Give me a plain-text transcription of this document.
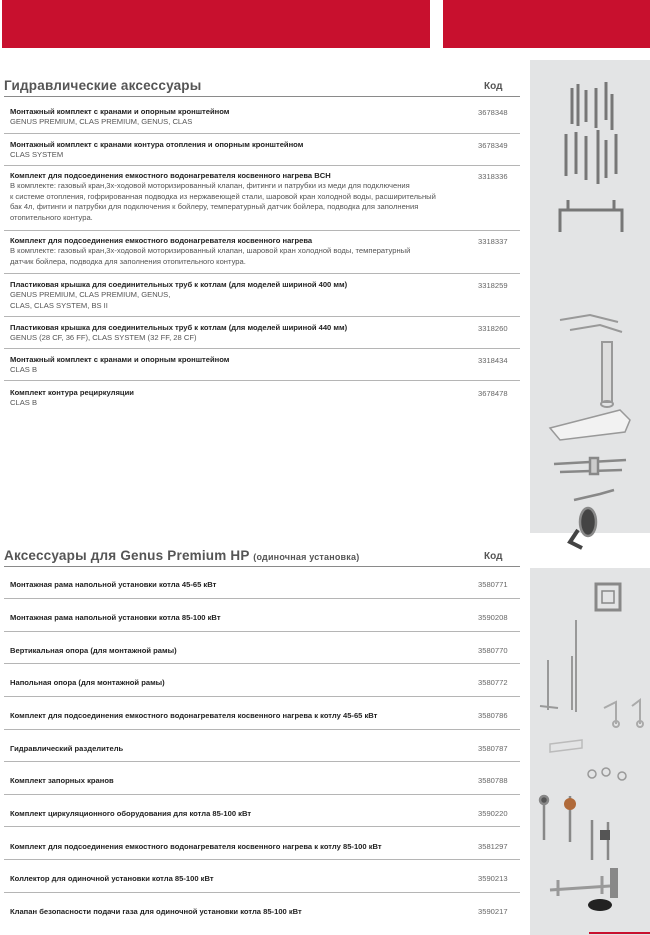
Гидравлические аксессуары	Код
Монтажный комплект с кранами и опорным кронштейном
GENUS PREMIUM, CLAS PREMIUM, GENUS, CLAS
3678348
Монтажный комплект с кранами контура отопления и опорным кронштейном
CLAS SYSTEM
3678349
Комплект для подсоединения емкостного водонагревателя косвенного нагрева BCH
В комплекте: газовый кран,3х-ходовой моторизированный клапан, фитинги и патрубки из меди для подключения
к системе отопления, гофрированная подводка из нержавеющей стали, шаровой кран холодной воды, расширительный
бак 4л, фитинги и патрубки для подключения к бойлеру, температурный датчик бойлера, подводка для заполнения
отопительного контура.
3318336
Комплект для подсоединения емкостного водонагревателя косвенного нагрева
В комплекте: газовый кран,3х-ходовой моторизированный клапан, шаровой кран холодной воды, температурный
датчик бойлера, подводка для заполнения отопительного контура.
3318337
Пластиковая крышка для соединительных труб к котлам (для моделей шириной 400 мм)
GENUS PREMIUM, CLAS PREMIUM, GENUS,
CLAS, CLAS SYSTEM, BS II
3318259
Пластиковая крышка для соединительных труб к котлам (для моделей шириной 440 мм)
GENUS (28 CF, 36 FF), CLAS SYSTEM (32 FF, 28 CF)
3318260
Монтажный комплект с кранами и опорным кронштейном
CLAS B
3318434
Комплект контура рециркуляции
CLAS B
3678478
Аксессуары для Genus Premium HP (одиночная установка)	Код
Монтажная рама напольной установки котла 45-65 кВт	3580771
Монтажная рама напольной установки котла 85-100 кВт	3590208
Вертикальная опора (для монтажной рамы)	3580770
Напольная опора (для монтажной рамы)	3580772
Комплект для подсоединения емкостного водонагревателя косвенного нагрева к котлу 45-65 кВт	3580786
Гидравлический разделитель	3580787
Комплект запорных кранов	3580788
Комплект циркуляционного оборудования для котла 85-100 кВт	3590220
Комплект для подсоединения емкостного водонагревателя косвенного нагрева к котлу 85-100 кВт	3581297
Коллектор для одиночной установки котла 85-100 кВт	3590213
Клапан безопасности подачи газа для одиночной установки котла 85-100 кВт	3590217
